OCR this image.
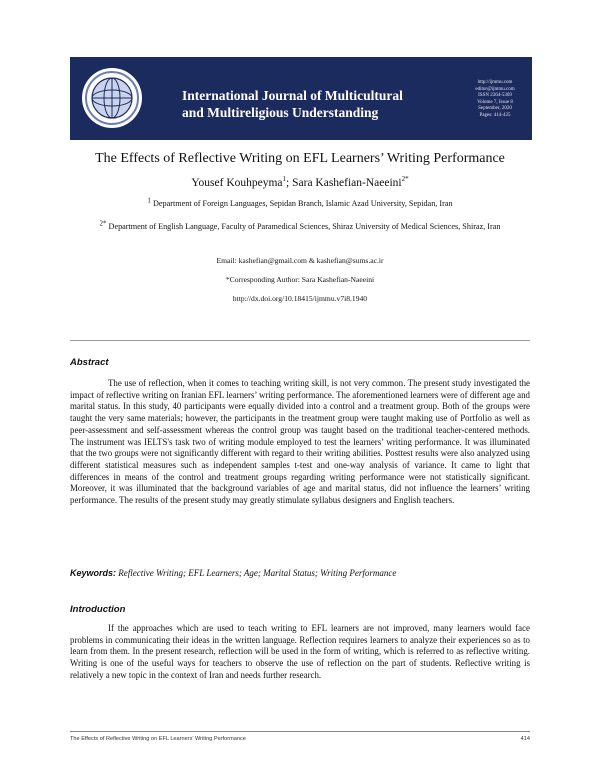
International Journal of Multicultural
and Multireligious Understanding
http://ijmmu.com
editor@ijmmu.com
ISSN 2364-5369
Volume 7, Issue 8
September, 2020
Pages: 414-425
The Effects of Reflective Writing on EFL Learners’ Writing Performance
Yousef Kouhpeyma$^1$; Sara Kashefian-Naeeini$^{2*}$
$^1$ Department of Foreign Languages, Sepidan Branch, Islamic Azad University, Sepidan, Iran
$^{2*}$ Department of English Language, Faculty of Paramedical Sciences, Shiraz University of Medical Sciences, Shiraz, Iran
Email: kashefian@gmail.com & kashefian@sums.ac.ir
*Corresponding Author: Sara Kashefian-Naeeini
http://dx.doi.org/10.18415/ijmmu.v7i8.1940
Abstract
The use of reflection, when it comes to teaching writing skill, is not very common. The present study investigated the impact of reflective writing on Iranian EFL learners’ writing performance. The aforementioned learners were of different age and marital status. In this study, 40 participants were equally divided into a control and a treatment group. Both of the groups were taught the very same materials; however, the participants in the treatment group were taught making use of Portfolio as well as peer-assessment and self-assessment whereas the control group was taught based on the traditional teacher-centered methods. The instrument was IELTS's task two of writing module employed to test the learners’ writing performance. It was illuminated that the two groups were not significantly different with regard to their writing abilities. Posttest results were also analyzed using different statistical measures such as independent samples t-test and one-way analysis of variance. It came to light that differences in means of the control and treatment groups regarding writing performance were not statistically significant. Moreover, it was illuminated that the background variables of age and marital status, did not influence the learners’ writing performance. The results of the present study may greatly stimulate syllabus designers and English teachers.
Keywords: Reflective Writing; EFL Learners; Age; Marital Status; Writing Performance
Introduction
If the approaches which are used to teach writing to EFL learners are not improved, many learners would face problems in communicating their ideas in the written language. Reflection requires learners to analyze their experiences so as to learn from them. In the present research, reflection will be used in the form of writing, which is referred to as reflective writing. Writing is one of the useful ways for teachers to observe the use of reflection on the part of students. Reflective writing is relatively a new topic in the context of Iran and needs further research.
The Effects of Reflective Writing on EFL Learners’ Writing Performance	414
